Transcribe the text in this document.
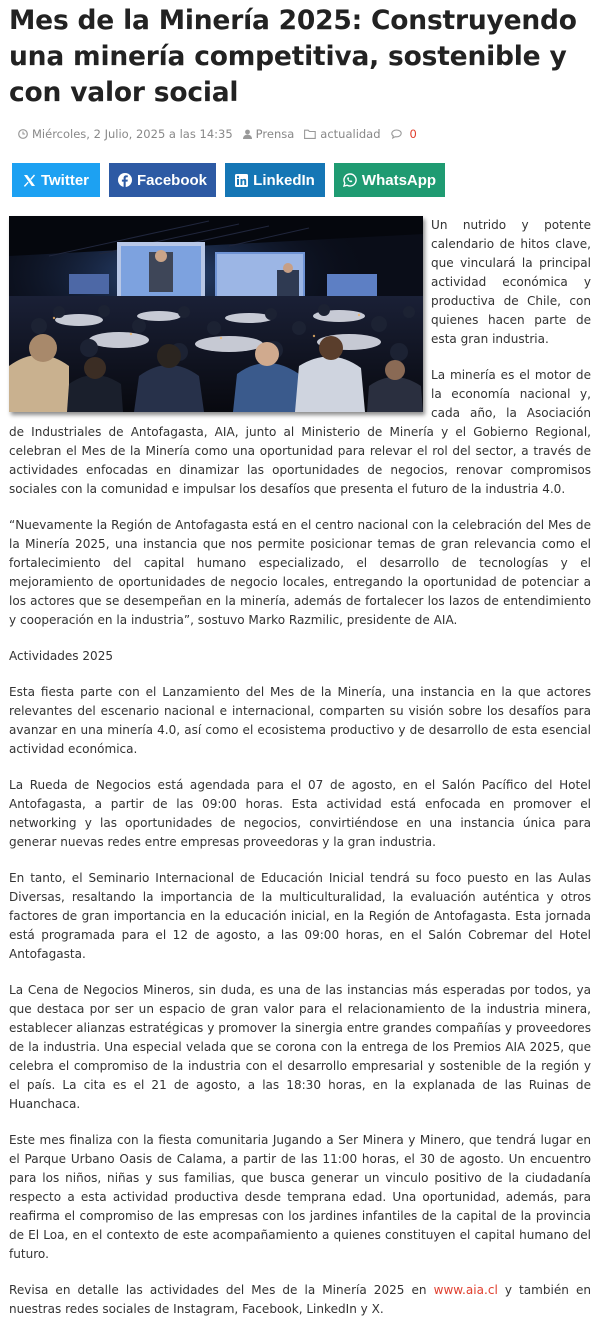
Mes de la Minería 2025: Construyendo una minería competitiva, sostenible y con valor social
Miércoles, 2 Julio, 2025 a las 14:35 Prensa actualidad	0
Twitter	Facebook	LinkedIn	WhatsApp

Un nutrido y potente calendario de hitos clave, que vinculará la principal actividad económica y productiva de Chile, con quienes hacen parte de esta gran industria.

La minería es el motor de la economía nacional y, cada año, la Asociación de Industriales de Antofagasta, AIA, junto al Ministerio de Minería y el Gobierno Regional, celebran el Mes de la Minería como una oportunidad para relevar el rol del sector, a través de actividades enfocadas en dinamizar las oportunidades de negocios, renovar compromisos sociales con la comunidad e impulsar los desafíos que presenta el futuro de la industria 4.0.

“Nuevamente la Región de Antofagasta está en el centro nacional con la celebración del Mes de la Minería 2025, una instancia que nos permite posicionar temas de gran relevancia como el fortalecimiento del capital humano especializado, el desarrollo de tecnologías y el mejoramiento de oportunidades de negocio locales, entregando la oportunidad de potenciar a los actores que se desempeñan en la minería, además de fortalecer los lazos de entendimiento y cooperación en la industria”, sostuvo Marko Razmilic, presidente de AIA.

Actividades 2025

Esta fiesta parte con el Lanzamiento del Mes de la Minería, una instancia en la que actores relevantes del escenario nacional e internacional, comparten su visión sobre los desafíos para avanzar en una minería 4.0, así como el ecosistema productivo y de desarrollo de esta esencial actividad económica.

La Rueda de Negocios está agendada para el 07 de agosto, en el Salón Pacífico del Hotel Antofagasta, a partir de las 09:00 horas. Esta actividad está enfocada en promover el networking y las oportunidades de negocios, convirtiéndose en una instancia única para generar nuevas redes entre empresas proveedoras y la gran industria.

En tanto, el Seminario Internacional de Educación Inicial tendrá su foco puesto en las Aulas Diversas, resaltando la importancia de la multiculturalidad, la evaluación auténtica y otros factores de gran importancia en la educación inicial, en la Región de Antofagasta. Esta jornada está programada para el 12 de agosto, a las 09:00 horas, en el Salón Cobremar del Hotel Antofagasta.

La Cena de Negocios Mineros, sin duda, es una de las instancias más esperadas por todos, ya que destaca por ser un espacio de gran valor para el relacionamiento de la industria minera, establecer alianzas estratégicas y promover la sinergia entre grandes compañías y proveedores de la industria. Una especial velada que se corona con la entrega de los Premios AIA 2025, que celebra el compromiso de la industria con el desarrollo empresarial y sostenible de la región y el país. La cita es el 21 de agosto, a las 18:30 horas, en la explanada de las Ruinas de Huanchaca.

Este mes finaliza con la fiesta comunitaria Jugando a Ser Minera y Minero, que tendrá lugar en el Parque Urbano Oasis de Calama, a partir de las 11:00 horas, el 30 de agosto. Un encuentro para los niños, niñas y sus familias, que busca generar un vinculo positivo de la ciudadanía respecto a esta actividad productiva desde temprana edad. Una oportunidad, además, para reafirma el compromiso de las empresas con los jardines infantiles de la capital de la provincia de El Loa, en el contexto de este acompañamiento a quienes constituyen el capital humano del futuro.

Revisa en detalle las actividades del Mes de la Minería 2025 en www.aia.cl y también en nuestras redes sociales de Instagram, Facebook, LinkedIn y X.
